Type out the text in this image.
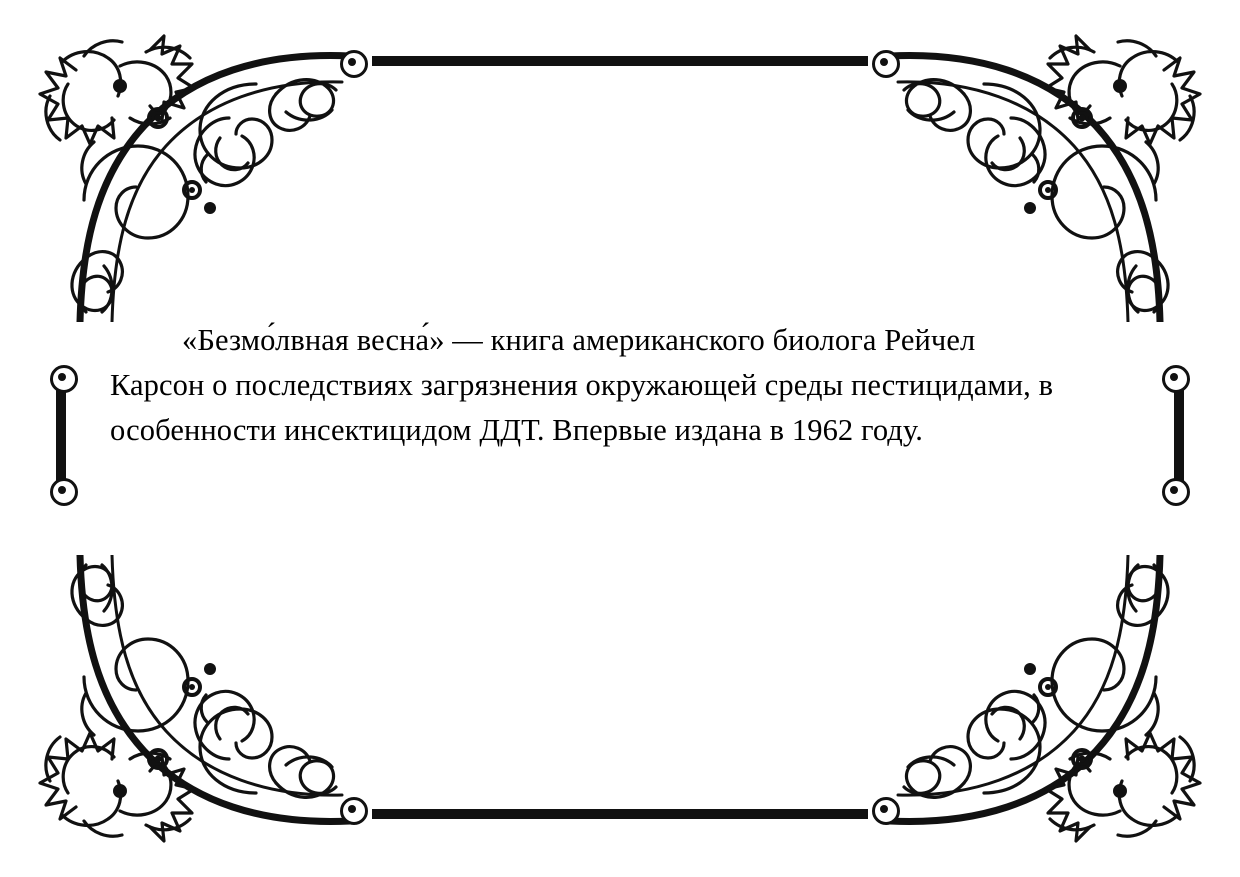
«Безмо́лвная весна́» — книга американского биолога Рейчел Карсон о последствиях загрязнения окружающей среды пестицидами, в особенности инсектицидом ДДТ. Впервые издана в 1962 году.
